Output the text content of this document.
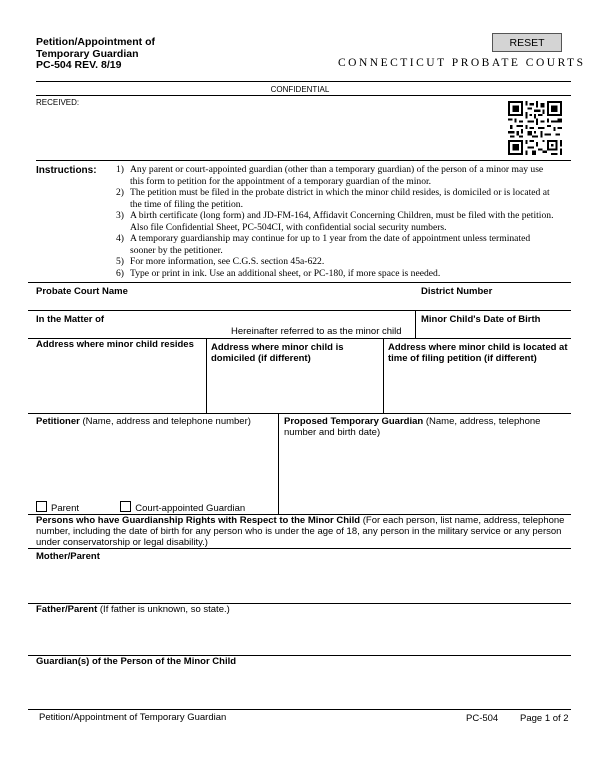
Petition/Appointment of
Temporary Guardian
PC-504 REV. 8/19
RESET
CONNECTICUT PROBATE COURTS
CONFIDENTIAL
RECEIVED:
Instructions:	1) Any parent or court-appointed guardian (other than a temporary guardian) of the person of a minor may use this form to petition for the appointment of a temporary guardian of the minor.
2) The petition must be filed in the probate district in which the minor child resides, is domiciled or is located at the time of filing the petition.
3) A birth certificate (long form) and JD-FM-164, Affidavit Concerning Children, must be filed with the petition. Also file Confidential Sheet, PC-504CI, with confidential social security numbers.
4) A temporary guardianship may continue for up to 1 year from the date of appointment unless terminated sooner by the petitioner.
5) For more information, see C.G.S. section 45a-622.
6) Type or print in ink. Use an additional sheet, or PC-180, if more space is needed.
Probate Court Name	District Number
In the Matter of	Minor Child's Date of Birth
Hereinafter referred to as the minor child
Address where minor child resides	Address where minor child is domiciled (if different)
Address where minor child is located at time of filing petition (if different)
Petitioner (Name, address and telephone number)	Proposed Temporary Guardian (Name, address, telephone number and birth date)
Parent	Court-appointed Guardian
Persons who have Guardianship Rights with Respect to the Minor Child (For each person, list name, address, telephone number, including the date of birth for any person who is under the age of 18, any person in the military service or any person under conservatorship or legal disability.)
Mother/Parent
Father/Parent (If father is unknown, so state.)
Guardian(s) of the Person of the Minor Child
Petition/Appointment of Temporary Guardian	PC-504 Page 1 of 2
